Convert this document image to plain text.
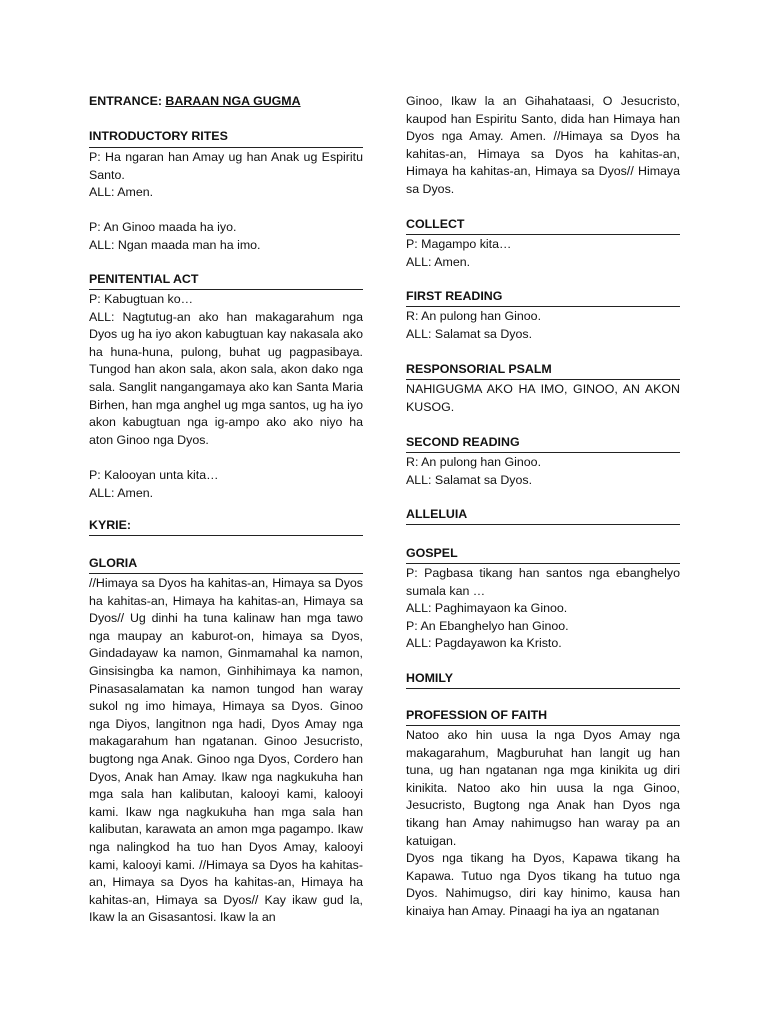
ENTRANCE: BARAAN NGA GUGMA
INTRODUCTORY RITES
P: Ha ngaran han Amay ug han Anak ug Espiritu Santo.
ALL: Amen.
P: An Ginoo maada ha iyo.
ALL: Ngan maada man ha imo.
PENITENTIAL ACT
P: Kabugtuan ko…
ALL: Nagtutug-an ako han makagarahum nga Dyos ug ha iyo akon kabugtuan kay nakasala ako ha huna-huna, pulong, buhat ug pagpasibaya. Tungod han akon sala, akon sala, akon dako nga sala. Sanglit nangangamaya ako kan Santa Maria Birhen, han mga anghel ug mga santos, ug ha iyo akon kabugtuan nga ig-ampo ako ako niyo ha aton Ginoo nga Dyos.
P: Kalooyan unta kita…
ALL: Amen.
KYRIE:
GLORIA
//Himaya sa Dyos ha kahitas-an, Himaya sa Dyos ha kahitas-an, Himaya ha kahitas-an, Himaya sa Dyos// Ug dinhi ha tuna kalinaw han mga tawo nga maupay an kaburot-on, himaya sa Dyos, Gindadayaw ka namon, Ginmamahal ka namon, Ginsisingba ka namon, Ginhihimaya ka namon, Pinasasalamatan ka namon tungod han waray sukol ng imo himaya, Himaya sa Dyos. Ginoo nga Diyos, langitnon nga hadi, Dyos Amay nga makagarahum han ngatanan. Ginoo Jesucristo, bugtong nga Anak. Ginoo nga Dyos, Cordero han Dyos, Anak han Amay. Ikaw nga nagkukuha han mga sala han kalibutan, kalooyi kami, kalooyi kami. Ikaw nga nagkukuha han mga sala han kalibutan, karawata an amon mga pagampo. Ikaw nga nalingkod ha tuo han Dyos Amay, kalooyi kami, kalooyi kami. //Himaya sa Dyos ha kahitas-an, Himaya sa Dyos ha kahitas-an, Himaya ha kahitas-an, Himaya sa Dyos// Kay ikaw gud la, Ikaw la an Gisasantosi. Ikaw la an
Ginoo, Ikaw la an Gihahataasi, O Jesucristo, kaupod han Espiritu Santo, dida han Himaya han Dyos nga Amay. Amen. //Himaya sa Dyos ha kahitas-an, Himaya sa Dyos ha kahitas-an, Himaya ha kahitas-an, Himaya sa Dyos// Himaya sa Dyos.
COLLECT
P: Magampo kita…
ALL: Amen.
FIRST READING
R: An pulong han Ginoo.
ALL: Salamat sa Dyos.
RESPONSORIAL PSALM
NAHIGUGMA AKO HA IMO, GINOO, AN AKON KUSOG.
SECOND READING
R: An pulong han Ginoo.
ALL: Salamat sa Dyos.
ALLELUIA
GOSPEL
P: Pagbasa tikang han santos nga ebanghelyo sumala kan …
ALL: Paghimayaon ka Ginoo.
P: An Ebanghelyo han Ginoo.
ALL: Pagdayawon ka Kristo.
HOMILY
PROFESSION OF FAITH
Natoo ako hin uusa la nga Dyos Amay nga makagarahum, Magburuhat han langit ug han tuna, ug han ngatanan nga mga kinikita ug diri kinikita. Natoo ako hin uusa la nga Ginoo, Jesucristo, Bugtong nga Anak han Dyos nga tikang han Amay nahimugso han waray pa an katuigan.
Dyos nga tikang ha Dyos, Kapawa tikang ha Kapawa. Tutuo nga Dyos tikang ha tutuo nga Dyos. Nahimugso, diri kay hinimo, kausa han kinaiya han Amay. Pinaagi ha iya an ngatanan
